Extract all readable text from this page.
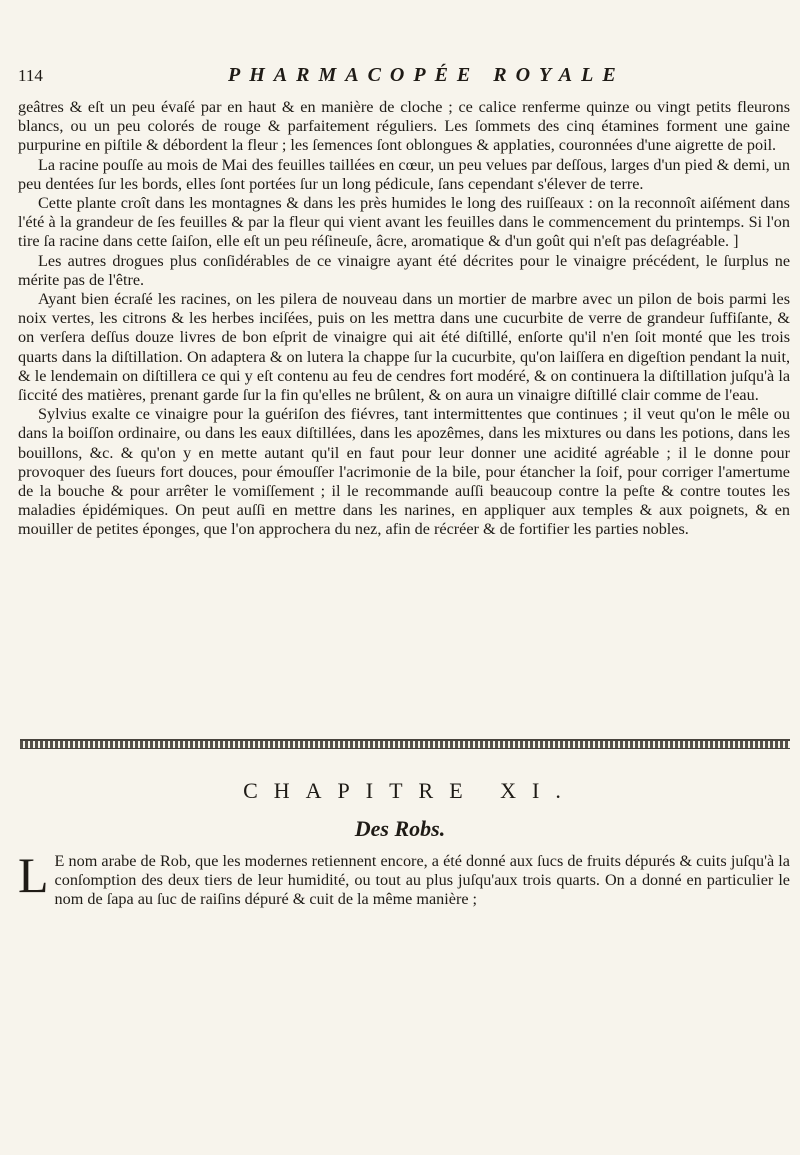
114	PHARMACOPÉE ROYALE

geâtres & eſt un peu évaſé par en haut & en manière de cloche ; ce calice renferme quinze ou vingt petits fleurons blancs, ou un peu colorés de rouge & parfaitement réguliers. Les ſommets des cinq étamines forment une gaine purpurine en piſtile & débordent la fleur ; les ſemences ſont oblongues & applaties, couronnées d'une aigrette de poil.

La racine pouſſe au mois de Mai des feuilles taillées en cœur, un peu velues par deſſous, larges d'un pied & demi, un peu dentées ſur les bords, elles ſont portées ſur un long pédicule, ſans cependant s'élever de terre.

Cette plante croît dans les montagnes & dans les près humides le long des ruiſſeaux : on la reconnoît aiſément dans l'été à la grandeur de ſes feuilles & par la fleur qui vient avant les feuilles dans le commencement du printemps. Si l'on tire ſa racine dans cette ſaiſon, elle eſt un peu réſineuſe, âcre, aromatique & d'un goût qui n'eſt pas deſagréable. ]

Les autres drogues plus conſidérables de ce vinaigre ayant été décrites pour le vinaigre précédent, le ſurplus ne mérite pas de l'être.

Ayant bien écraſé les racines, on les pilera de nouveau dans un mortier de marbre avec un pilon de bois parmi les noix vertes, les citrons & les herbes inciſées, puis on les mettra dans une cucurbite de verre de grandeur ſuffiſante, & on verſera deſſus douze livres de bon eſprit de vinaigre qui ait été diſtillé, enſorte qu'il n'en ſoit monté que les trois quarts dans la diſtillation. On adaptera & on lutera la chappe ſur la cucurbite, qu'on laiſſera en digeſtion pendant la nuit, & le lendemain on diſtillera ce qui y eſt contenu au feu de cendres fort modéré, & on continuera la diſtillation juſqu'à la ſiccité des matières, prenant garde ſur la fin qu'elles ne brûlent, & on aura un vinaigre diſtillé clair comme de l'eau.

Sylvius exalte ce vinaigre pour la guériſon des fiévres, tant intermittentes que continues ; il veut qu'on le mêle ou dans la boiſſon ordinaire, ou dans les eaux diſtillées, dans les apozêmes, dans les mixtures ou dans les potions, dans les bouillons, &c. & qu'on y en mette autant qu'il en faut pour leur donner une acidité agréable ; il le donne pour provoquer des ſueurs fort douces, pour émouſſer l'acrimonie de la bile, pour étancher la ſoif, pour corriger l'amertume de la bouche & pour arrêter le vomiſſement ; il le recommande auſſi beaucoup contre la peſte & contre toutes les maladies épidémiques. On peut auſſi en mettre dans les narines, en appliquer aux temples & aux poignets, & en mouiller de petites éponges, que l'on approchera du nez, afin de récréer & de fortifier les parties nobles.

CHAPITRE XI.
Des Robs.
L E nom arabe de Rob, que les modernes retiennent encore, a été donné aux ſucs de fruits dépurés & cuits juſqu'à la conſomption des deux tiers de leur humidité, ou tout au plus juſqu'aux trois quarts. On a donné en particulier le nom de ſapa au ſuc de raiſins dépuré & cuit de la même manière ;
